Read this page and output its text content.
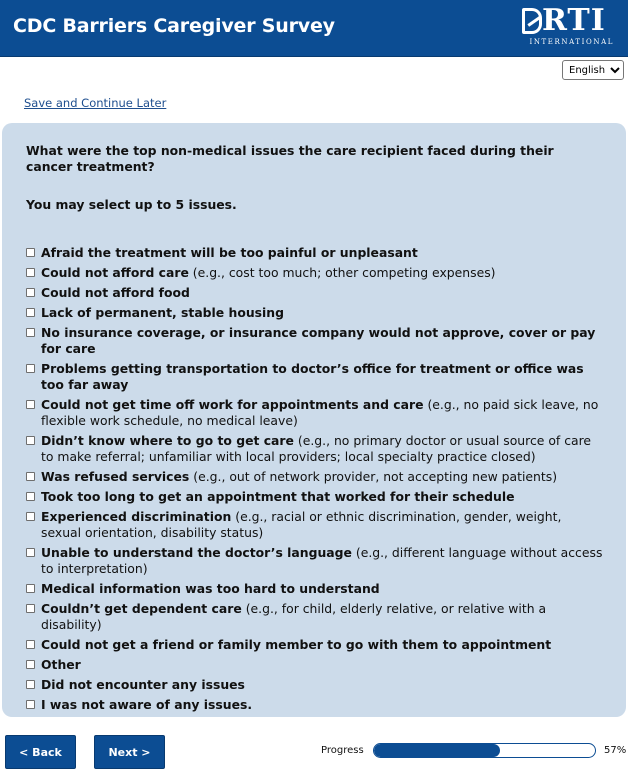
CDC Barriers Caregiver Survey	RTI
INTERNATIONAL
English
Save and Continue Later
What were the top non-medical issues the care recipient faced during their cancer treatment?
You may select up to 5 issues.
Afraid the treatment will be too painful or unpleasant
Could not afford care (e.g., cost too much; other competing expenses)
Could not afford food
Lack of permanent, stable housing
No insurance coverage, or insurance company would not approve, cover or pay for care
Problems getting transportation to doctor’s office for treatment or office was too far away
Could not get time off work for appointments and care (e.g., no paid sick leave, no flexible work schedule, no medical leave)
Didn’t know where to go to get care (e.g., no primary doctor or usual source of care to make referral; unfamiliar with local providers; local specialty practice closed)
Was refused services (e.g., out of network provider, not accepting new patients)
Took too long to get an appointment that worked for their schedule
Experienced discrimination (e.g., racial or ethnic discrimination, gender, weight, sexual orientation, disability status)
Unable to understand the doctor’s language (e.g., different language without access to interpretation)
Medical information was too hard to understand
Couldn’t get dependent care (e.g., for child, elderly relative, or relative with a disability)
Could not get a friend or family member to go with them to appointment
Other
Did not encounter any issues
I was not aware of any issues.
< Back	Next >	Progress	57%
